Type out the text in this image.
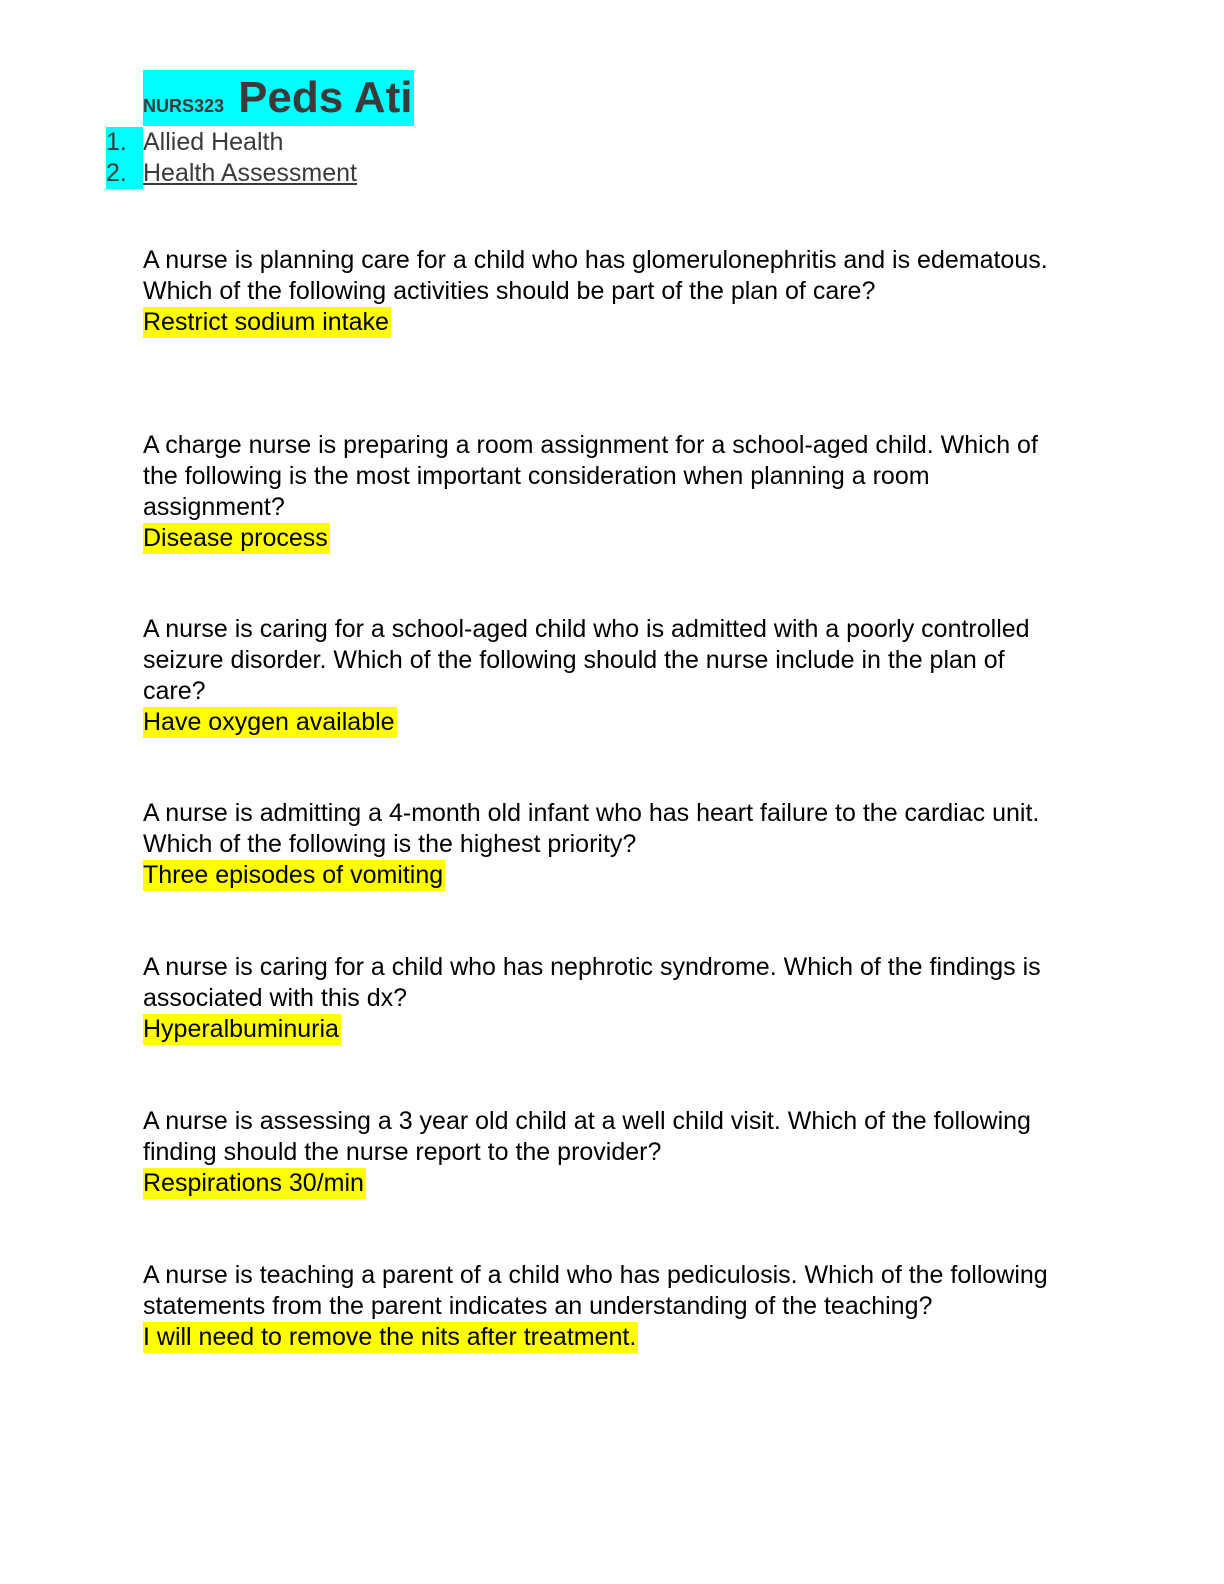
NURS323 Peds Ati
1. Allied Health
2. Health Assessment

A nurse is planning care for a child who has glomerulonephritis and is edematous. Which of the following activities should be part of the plan of care?

Restrict sodium intake

A charge nurse is preparing a room assignment for a school-aged child. Which of the following is the most important consideration when planning a room assignment?

Disease process

A nurse is caring for a school-aged child who is admitted with a poorly controlled seizure disorder. Which of the following should the nurse include in the plan of care?

Have oxygen available

A nurse is admitting a 4-month old infant who has heart failure to the cardiac unit. Which of the following is the highest priority?

Three episodes of vomiting

A nurse is caring for a child who has nephrotic syndrome. Which of the findings is associated with this dx?

Hyperalbuminuria

A nurse is assessing a 3 year old child at a well child visit. Which of the following finding should the nurse report to the provider?

Respirations 30/min

A nurse is teaching a parent of a child who has pediculosis. Which of the following statements from the parent indicates an understanding of the teaching?

I will need to remove the nits after treatment.
